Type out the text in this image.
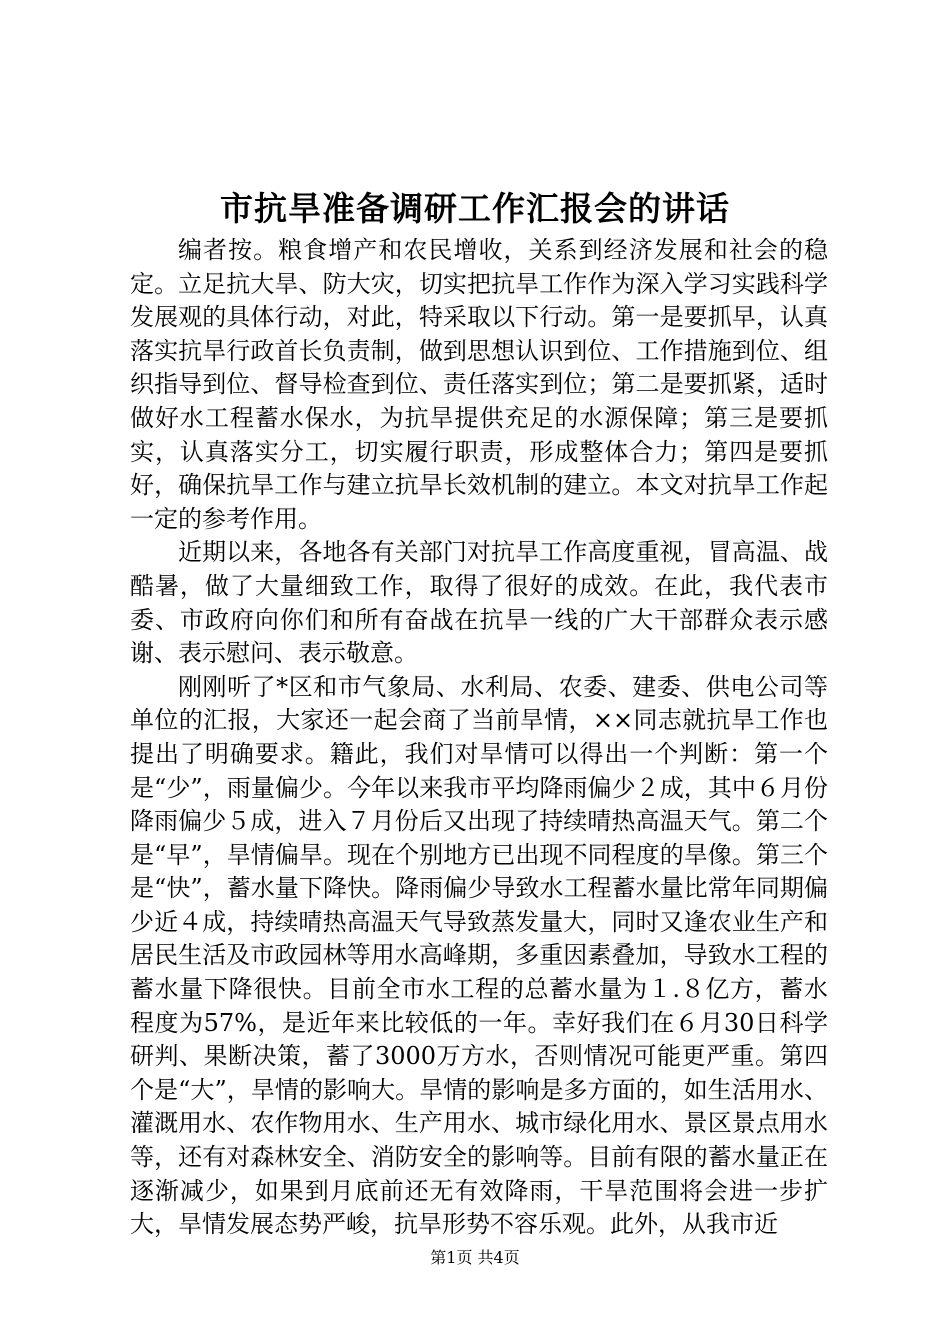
市抗旱准备调研工作汇报会的讲话

编者按。粮食增产和农民增收，关系到经济发展和社会的稳定。立足抗大旱、防大灾，切实把抗旱工作作为深入学习实践科学发展观的具体行动，对此，特采取以下行动。第一是要抓早，认真落实抗旱行政首长负责制，做到思想认识到位、工作措施到位、组织指导到位、督导检查到位、责任落实到位；第二是要抓紧，适时做好水工程蓄水保水，为抗旱提供充足的水源保障；第三是要抓实，认真落实分工，切实履行职责，形成整体合力；第四是要抓好，确保抗旱工作与建立抗旱长效机制的建立。本文对抗旱工作起一定的参考作用。

近期以来，各地各有关部门对抗旱工作高度重视，冒高温、战酷暑，做了大量细致工作，取得了很好的成效。在此，我代表市委、市政府向你们和所有奋战在抗旱一线的广大干部群众表示感谢、表示慰问、表示敬意。

刚刚听了*区和市气象局、水利局、农委、建委、供电公司等单位的汇报，大家还一起会商了当前旱情，××同志就抗旱工作也提出了明确要求。籍此，我们对旱情可以得出一个判断：第一个是“少”，雨量偏少。今年以来我市平均降雨偏少２成，其中６月份降雨偏少５成，进入７月份后又出现了持续晴热高温天气。第二个是“早”，旱情偏旱。现在个别地方已出现不同程度的旱像。第三个是“快”，蓄水量下降快。降雨偏少导致水工程蓄水量比常年同期偏少近４成，持续晴热高温天气导致蒸发量大，同时又逢农业生产和居民生活及市政园林等用水高峰期，多重因素叠加，导致水工程的蓄水量下降很快。目前全市水工程的总蓄水量为１.８亿方，蓄水程度为57%，是近年来比较低的一年。幸好我们在６月30日科学研判、果断决策，蓄了3000万方水，否则情况可能更严重。第四个是“大”，旱情的影响大。旱情的影响是多方面的，如生活用水、灌溉用水、农作物用水、生产用水、城市绿化用水、景区景点用水等，还有对森林安全、消防安全的影响等。目前有限的蓄水量正在逐渐减少，如果到月底前还无有效降雨，干旱范围将会进一步扩大，旱情发展态势严峻，抗旱形势不容乐观。此外，从我市近

第1页 共4页
